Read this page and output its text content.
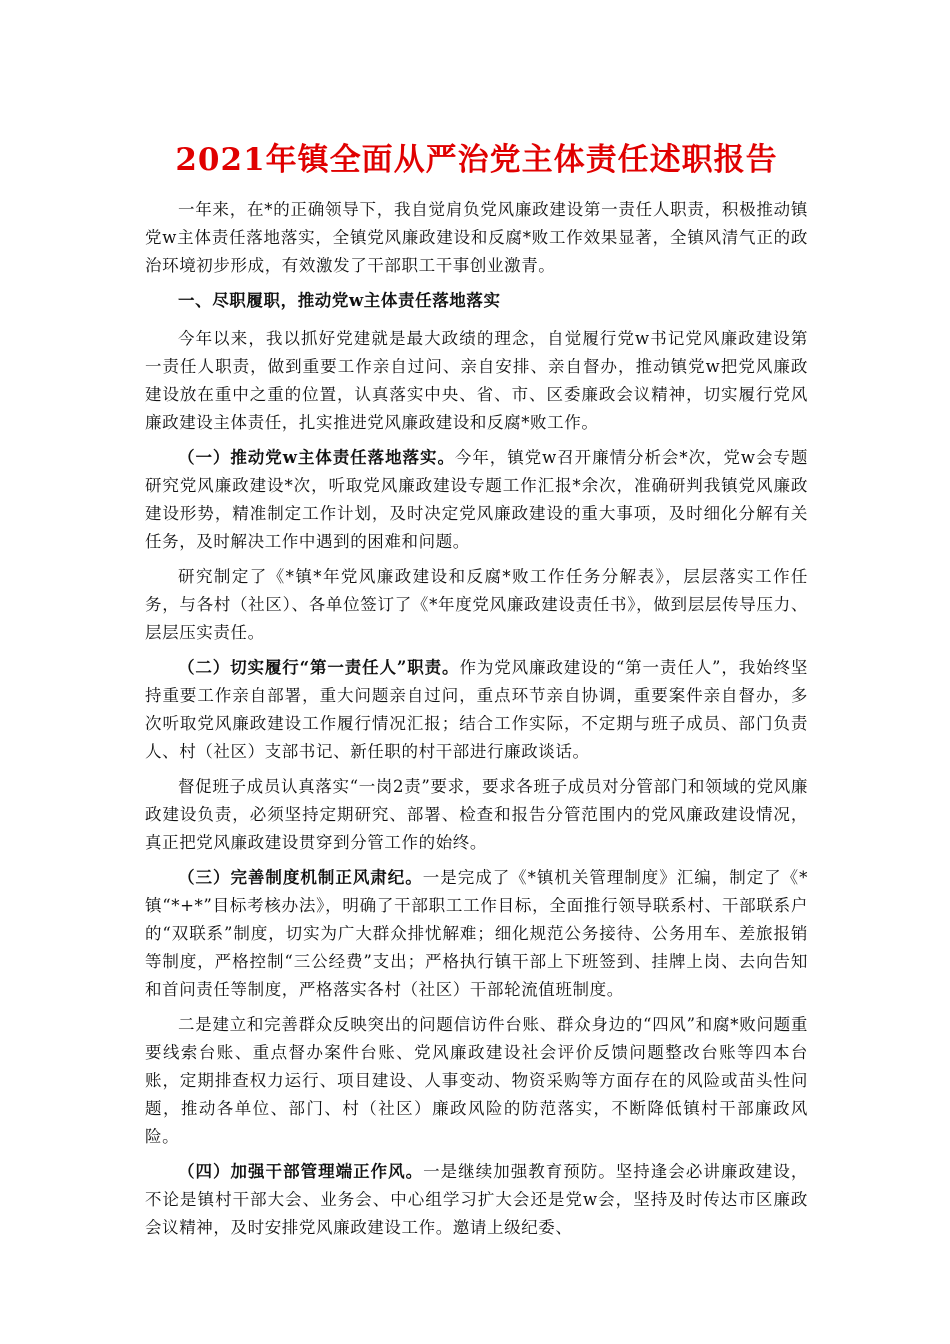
2021年镇全面从严治党主体责任述职报告

一年来，在*的正确领导下，我自觉肩负党风廉政建设第一责任人职责，积极推动镇党w主体责任落地落实，全镇党风廉政建设和反腐*败工作效果显著，全镇风清气正的政治环境初步形成，有效激发了干部职工干事创业激青。

一、尽职履职，推动党w主体责任落地落实

今年以来，我以抓好党建就是最大政绩的理念，自觉履行党w书记党风廉政建设第一责任人职责，做到重要工作亲自过问、亲自安排、亲自督办，推动镇党w把党风廉政建设放在重中之重的位置，认真落实中央、省、市、区委廉政会议精神，切实履行党风廉政建设主体责任，扎实推进党风廉政建设和反腐*败工作。

（一）推动党w主体责任落地落实。今年，镇党w召开廉情分析会*次，党w会专题研究党风廉政建设*次，听取党风廉政建设专题工作汇报*余次，准确研判我镇党风廉政建设形势，精准制定工作计划，及时决定党风廉政建设的重大事项，及时细化分解有关任务，及时解决工作中遇到的困难和问题。

研究制定了《*镇*年党风廉政建设和反腐*败工作任务分解表》，层层落实工作任务，与各村（社区）、各单位签订了《*年度党风廉政建设责任书》，做到层层传导压力、层层压实责任。

（二）切实履行“第一责任人”职责。作为党风廉政建设的“第一责任人”，我始终坚持重要工作亲自部署，重大问题亲自过问，重点环节亲自协调，重要案件亲自督办，多次听取党风廉政建设工作履行情况汇报；结合工作实际，不定期与班子成员、部门负责人、村（社区）支部书记、新任职的村干部进行廉政谈话。

督促班子成员认真落实“一岗2责”要求，要求各班子成员对分管部门和领域的党风廉政建设负责，必须坚持定期研究、部署、检查和报告分管范围内的党风廉政建设情况，真正把党风廉政建设贯穿到分管工作的始终。

（三）完善制度机制正风肃纪。一是完成了《*镇机关管理制度》汇编，制定了《*镇“*+*”目标考核办法》，明确了干部职工工作目标，全面推行领导联系村、干部联系户的“双联系”制度，切实为广大群众排忧解难；细化规范公务接待、公务用车、差旅报销等制度，严格控制“三公经费”支出；严格执行镇干部上下班签到、挂牌上岗、去向告知和首问责任等制度，严格落实各村（社区）干部轮流值班制度。

二是建立和完善群众反映突出的问题信访件台账、群众身边的“四风”和腐*败问题重要线索台账、重点督办案件台账、党风廉政建设社会评价反馈问题整改台账等四本台账，定期排查权力运行、项目建设、人事变动、物资采购等方面存在的风险或苗头性问题，推动各单位、部门、村（社区）廉政风险的防范落实，不断降低镇村干部廉政风险。

（四）加强干部管理端正作风。一是继续加强教育预防。坚持逢会必讲廉政建设，不论是镇村干部大会、业务会、中心组学习扩大会还是党w会，坚持及时传达市区廉政会议精神，及时安排党风廉政建设工作。邀请上级纪委、
